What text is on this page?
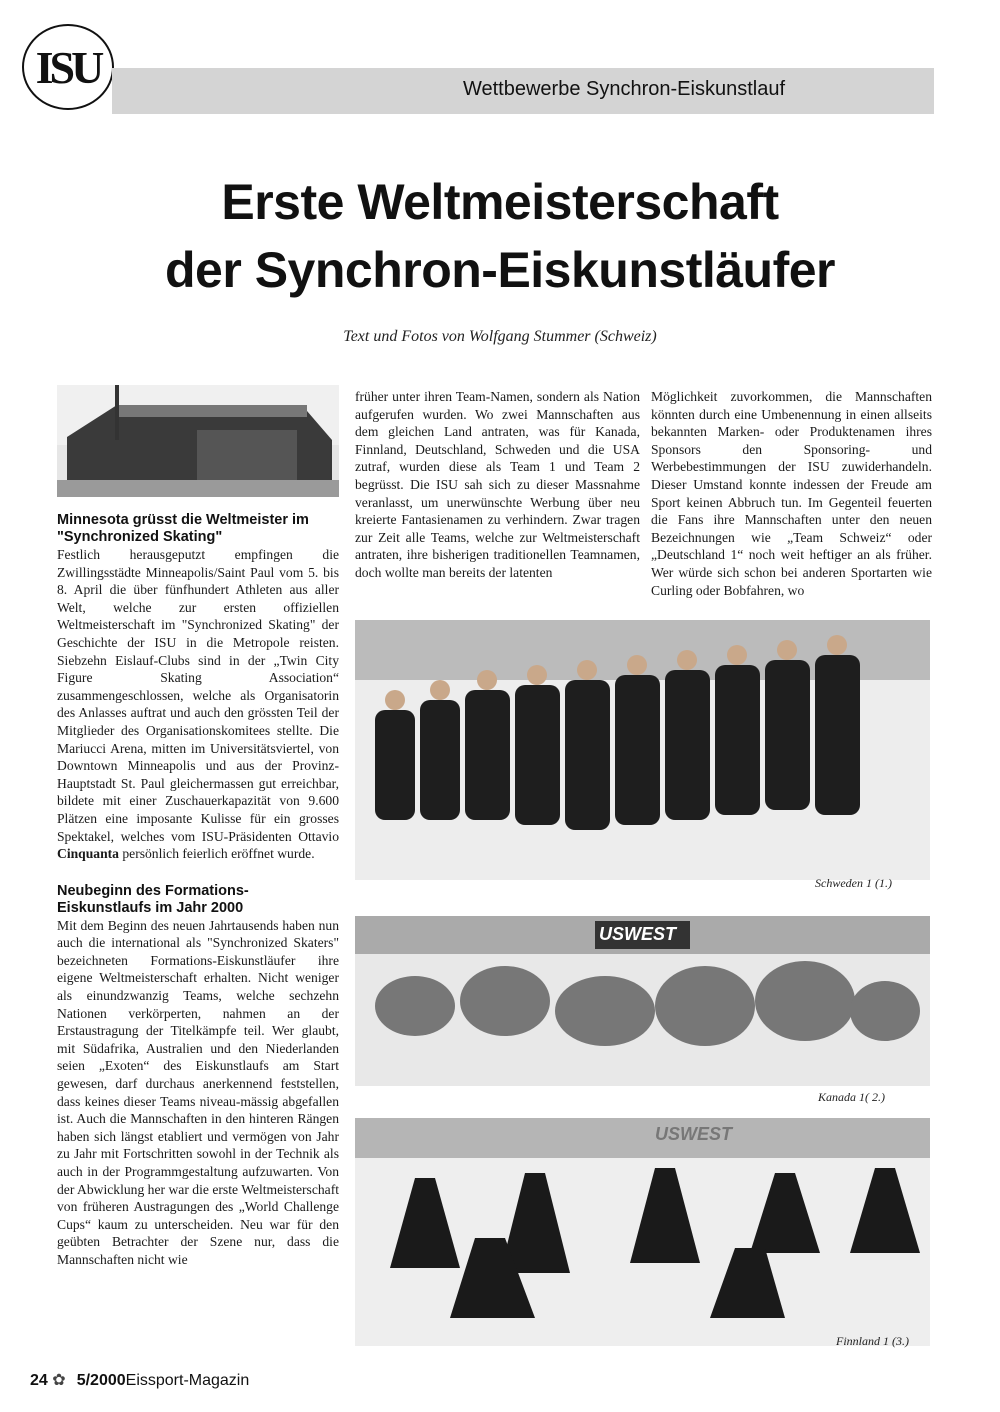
ISU	Wettbewerbe Synchron-Eiskunstlauf
Erste Weltmeisterschaft
der Synchron-Eiskunstläufer
Text und Fotos von Wolfgang Stummer (Schweiz)
Minnesota grüsst die Weltmeister im "Synchronized Skating"

Festlich herausgeputzt empfingen die Zwillingsstädte Minneapolis/Saint Paul vom 5. bis 8. April die über fünfhundert Athleten aus aller Welt, welche zur ersten offiziellen Weltmeisterschaft im "Synchronized Skating" der Geschichte der ISU in die Metropole reisten. Siebzehn Eislauf-Clubs sind in der „Twin City Figure Skating Association“ zusammengeschlossen, welche als Organisatorin des Anlasses auftrat und auch den grössten Teil der Mitglieder des Organisationskomitees stellte. Die Mariucci Arena, mitten im Universitätsviertel, von Downtown Minneapolis und aus der Provinz-Hauptstadt St. Paul gleichermassen gut erreichbar, bildete mit einer Zuschauerkapazität von 9.600 Plätzen eine imposante Kulisse für ein grosses Spektakel, welches vom ISU-Präsidenten Ottavio Cinquanta persönlich feierlich eröffnet wurde.

Neubeginn des Formations-Eiskunstlaufs im Jahr 2000

Mit dem Beginn des neuen Jahrtausends haben nun auch die international als "Synchronized Skaters" bezeichneten Formations-Eiskunstläufer ihre eigene Weltmeisterschaft erhalten. Nicht weniger als einundzwanzig Teams, welche sechzehn Nationen verkörperten, nahmen an der Erstaustragung der Titelkämpfe teil. Wer glaubt, mit Südafrika, Australien und den Niederlanden seien „Exoten“ des Eiskunstlaufs am Start gewesen, darf durchaus anerkennend feststellen, dass keines dieser Teams niveau-mässig abgefallen ist. Auch die Mannschaften in den hinteren Rängen haben sich längst etabliert und vermögen von Jahr zu Jahr mit Fortschritten sowohl in der Technik als auch in der Programmgestaltung aufzuwarten. Von der Abwicklung her war die erste Weltmeisterschaft von früheren Austragungen des „World Challenge Cups“ kaum zu unterscheiden. Neu war für den geübten Betrachter der Szene nur, dass die Mannschaften nicht wie

früher unter ihren Team-Namen, sondern als Nation aufgerufen wurden. Wo zwei Mannschaften aus dem gleichen Land antraten, was für Kanada, Finnland, Deutschland, Schweden und die USA zutraf, wurden diese als Team 1 und Team 2 begrüsst. Die ISU sah sich zu dieser Massnahme veranlasst, um unerwünschte Werbung über neu kreierte Fantasienamen zu verhindern. Zwar tragen zur Zeit alle Teams, welche zur Weltmeisterschaft antraten, ihre bisherigen traditionellen Teamnamen, doch wollte man bereits der latenten
Möglichkeit zuvorkommen, die Mannschaften könnten durch eine Umbenennung in einen allseits bekannten Marken- oder Produktenamen ihres Sponsors den Sponsoring- und Werbebestimmungen der ISU zuwiderhandeln. Dieser Umstand konnte indessen der Freude am Sport keinen Abbruch tun. Im Gegenteil feuerten die Fans ihre Mannschaften unter den neuen Bezeichnungen wie „Team Schweiz“ oder „Deutschland 1“ noch weit heftiger an als früher. Wer würde sich schon bei anderen Sportarten wie Curling oder Bobfahren, wo
Schweden 1 (1.)
USWEST
Kanada 1( 2.)
USWEST
Finnland 1 (3.)
24 ✿ 5/2000Eissport-Magazin
